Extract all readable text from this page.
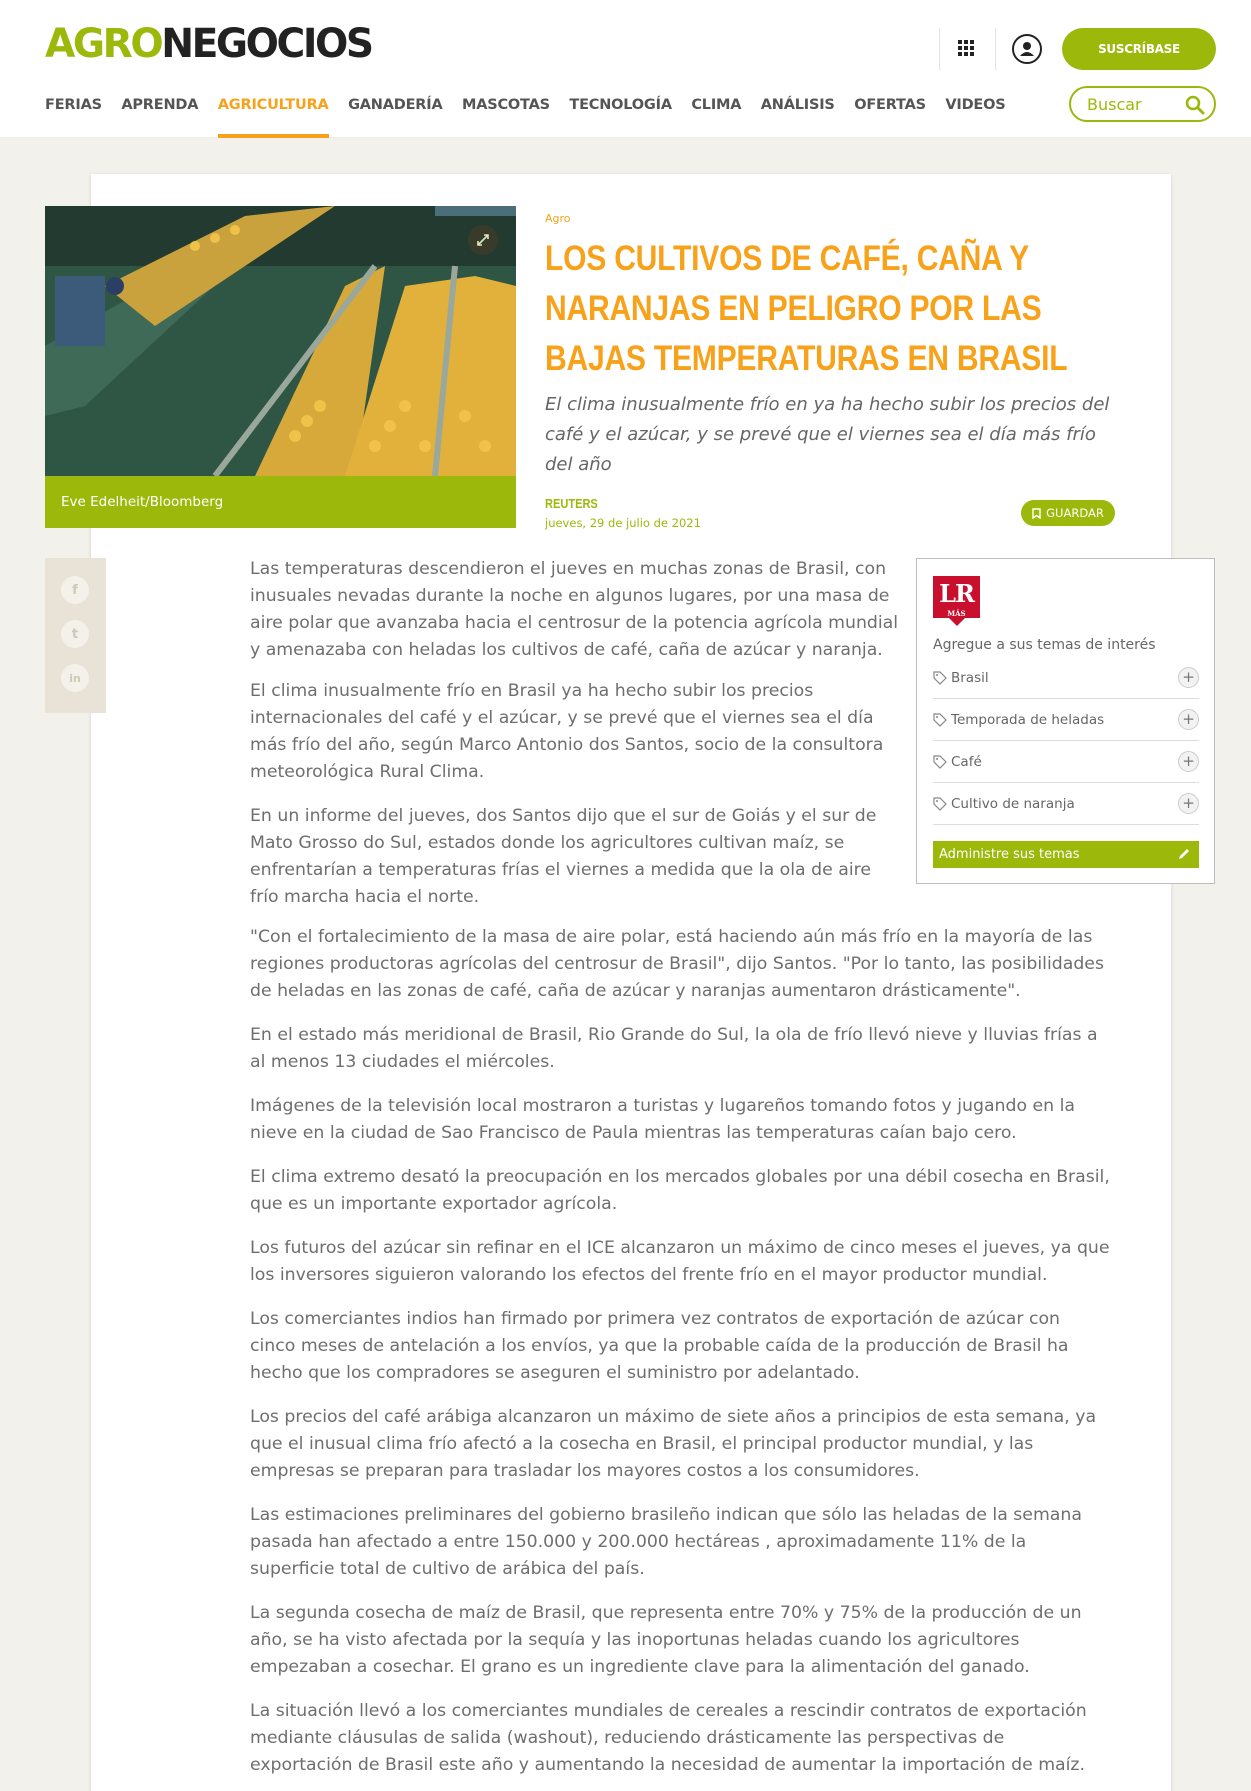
AGRONEGOCIOS	SUSCRÍBASE
FERIAS APRENDA AGRICULTURA GANADERÍA MASCOTAS TECNOLOGÍA CLIMA ANÁLISIS OFERTAS VIDEOS
Buscar
Eve Edelheit/Bloomberg
Agro
LOS CULTIVOS DE CAFÉ, CAÑA Y NARANJAS EN PELIGRO POR LAS BAJAS TEMPERATURAS EN BRASIL

El clima inusualmente frío en ya ha hecho subir los precios del café y el azúcar, y se prevé que el viernes sea el día más frío del año

REUTERS
jueves, 29 de julio de 2021
GUARDAR
f
t
in

Las temperaturas descendieron el jueves en muchas zonas de Brasil, con inusuales nevadas durante la noche en algunos lugares, por una masa de aire polar que avanzaba hacia el centrosur de la potencia agrícola mundial y amenazaba con heladas los cultivos de café, caña de azúcar y naranja.

El clima inusualmente frío en Brasil ya ha hecho subir los precios internacionales del café y el azúcar, y se prevé que el viernes sea el día más frío del año, según Marco Antonio dos Santos, socio de la consultora meteorológica Rural Clima.

En un informe del jueves, dos Santos dijo que el sur de Goiás y el sur de Mato Grosso do Sul, estados donde los agricultores cultivan maíz, se enfrentarían a temperaturas frías el viernes a medida que la ola de aire frío marcha hacia el norte.

"Con el fortalecimiento de la masa de aire polar, está haciendo aún más frío en la mayoría de las regiones productoras agrícolas del centrosur de Brasil", dijo Santos. "Por lo tanto, las posibilidades de heladas en las zonas de café, caña de azúcar y naranjas aumentaron drásticamente".

En el estado más meridional de Brasil, Rio Grande do Sul, la ola de frío llevó nieve y lluvias frías a al menos 13 ciudades el miércoles.

Imágenes de la televisión local mostraron a turistas y lugareños tomando fotos y jugando en la nieve en la ciudad de Sao Francisco de Paula mientras las temperaturas caían bajo cero.

El clima extremo desató la preocupación en los mercados globales por una débil cosecha en Brasil, que es un importante exportador agrícola.

Los futuros del azúcar sin refinar en el ICE alcanzaron un máximo de cinco meses el jueves, ya que los inversores siguieron valorando los efectos del frente frío en el mayor productor mundial.

Los comerciantes indios han firmado por primera vez contratos de exportación de azúcar con cinco meses de antelación a los envíos, ya que la probable caída de la producción de Brasil ha hecho que los compradores se aseguren el suministro por adelantado.

Los precios del café arábiga alcanzaron un máximo de siete años a principios de esta semana, ya que el inusual clima frío afectó a la cosecha en Brasil, el principal productor mundial, y las empresas se preparan para trasladar los mayores costos a los consumidores.

Las estimaciones preliminares del gobierno brasileño indican que sólo las heladas de la semana pasada han afectado a entre 150.000 y 200.000 hectáreas , aproximadamente 11% de la superficie total de cultivo de arábica del país.

La segunda cosecha de maíz de Brasil, que representa entre 70% y 75% de la producción de un año, se ha visto afectada por la sequía y las inoportunas heladas cuando los agricultores empezaban a cosechar. El grano es un ingrediente clave para la alimentación del ganado.

La situación llevó a los comerciantes mundiales de cereales a rescindir contratos de exportación mediante cláusulas de salida (washout), reduciendo drásticamente las perspectivas de exportación de Brasil este año y aumentando la necesidad de aumentar la importación de maíz.

LR
MÁS
Agregue a sus temas de interés
Brasil	+
Temporada de heladas	+
Café	+
Cultivo de naranja	+
Administre sus temas
